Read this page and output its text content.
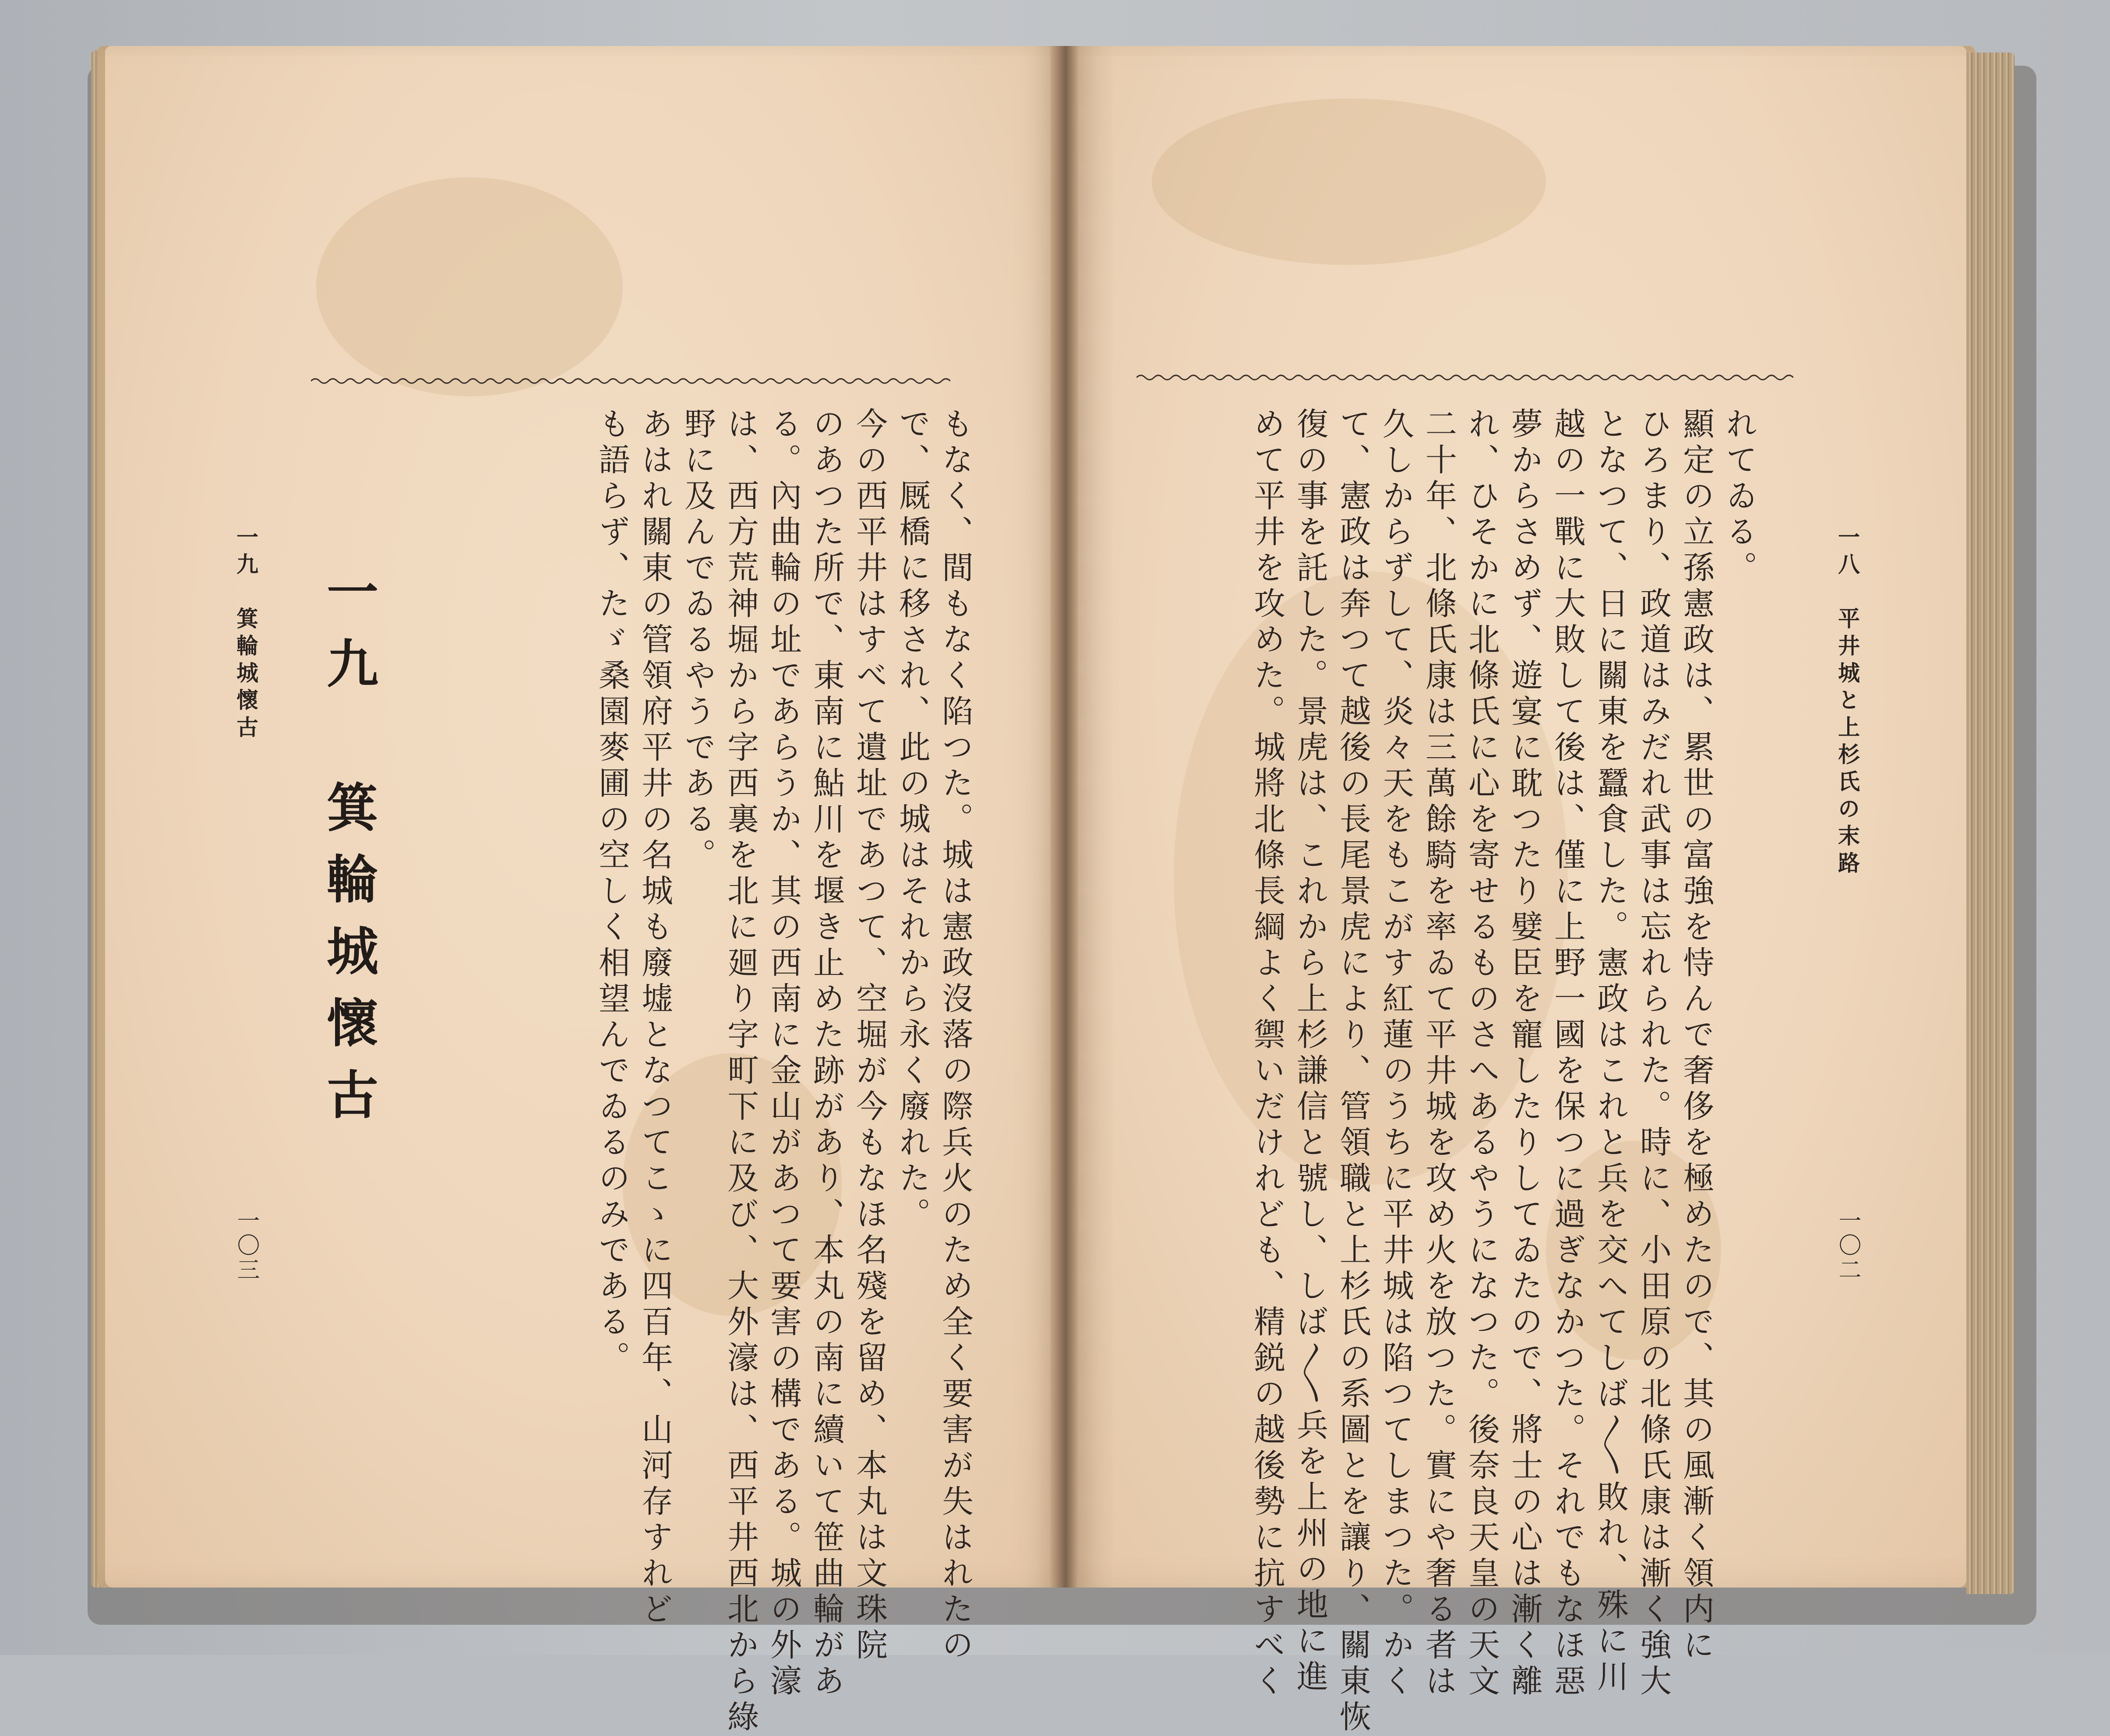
一八　平井城と上杉氏の末路
一〇二
れてゐる。
顯定の立孫憲政は、累世の富強を恃んで奢侈を極めたので、其の風漸く領内に
ひろまり、政道はみだれ武事は忘れられた。時に、小田原の北條氏康は漸く強大
となつて、日に關東を蠶食した。憲政はこれと兵を交へてしば〳〵敗れ、殊に川
越の一戰に大敗して後は、僅に上野一國を保つに過ぎなかつた。それでもなほ惡
夢からさめず、遊宴に耽つたり嬖臣を寵したりしてゐたので、將士の心は漸く離
れ、ひそかに北條氏に心を寄せるものさへあるやうになつた。後奈良天皇の天文
二十年、北條氏康は三萬餘騎を率ゐて平井城を攻め火を放つた。實にや奢る者は
久しからずして、炎々天をもこがす紅蓮のうちに平井城は陷つてしまつた。かく
て、憲政は奔つて越後の長尾景虎により、管領職と上杉氏の系圖とを讓り、關東恢
復の事を託した。景虎は、これから上杉謙信と號し、しば〳〵兵を上州の地に進
めて平井を攻めた。城將北條長綱よく禦いだけれども、精鋭の越後勢に抗すべく
一九　箕輪城懷古
一〇三
一九　箕輪城懷古	もなく、間もなく陷つた。城は憲政沒落の際兵火のため全く要害が失はれたの
で、厩橋に移され、此の城はそれから永く廢れた。
今の西平井はすべて遺址であつて、空堀が今もなほ名殘を留め、本丸は文珠院
のあつた所で、東南に鮎川を堰き止めた跡があり、本丸の南に續いて笹曲輪があ
る。內曲輪の址であらうか、其の西南に金山があつて要害の構である。城の外濠
は、西方荒神堀から字西裏を北に廻り字町下に及び、大外濠は、西平井西北から綠
野に及んでゐるやうである。
あはれ關東の管領府平井の名城も廢墟となつてこゝに四百年、山河存すれど
も語らず、たゞ桑園麥圃の空しく相望んでゐるのみである。
